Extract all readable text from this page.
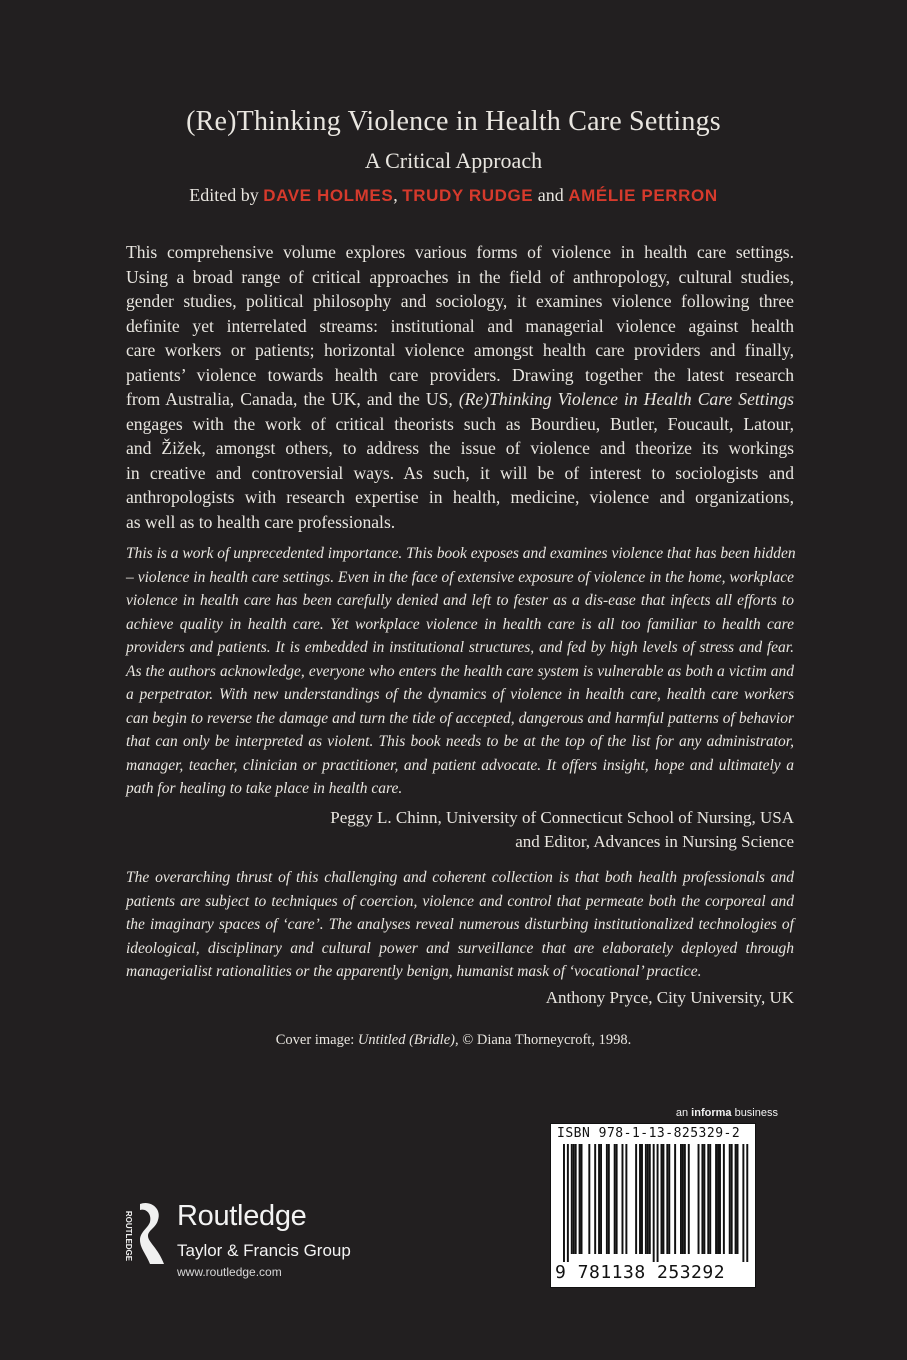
(Re)Thinking Violence in Health Care Settings
A Critical Approach
Edited by DAVE HOLMES, TRUDY RUDGE and AMÉLIE PERRON
This comprehensive volume explores various forms of violence in health care settings.
Using a broad range of critical approaches in the field of anthropology, cultural studies,
gender studies, political philosophy and sociology, it examines violence following three
definite yet interrelated streams: institutional and managerial violence against health
care workers or patients; horizontal violence amongst health care providers and finally,
patients’ violence towards health care providers. Drawing together the latest research
from Australia, Canada, the UK, and the US, (Re)Thinking Violence in Health Care Settings
engages with the work of critical theorists such as Bourdieu, Butler, Foucault, Latour,
and Žižek, amongst others, to address the issue of violence and theorize its workings
in creative and controversial ways. As such, it will be of interest to sociologists and
anthropologists with research expertise in health, medicine, violence and organizations,
as well as to health care professionals.
This is a work of unprecedented importance. This book exposes and examines violence that has been hidden
– violence in health care settings. Even in the face of extensive exposure of violence in the home, workplace
violence in health care has been carefully denied and left to fester as a dis-ease that infects all efforts to
achieve quality in health care. Yet workplace violence in health care is all too familiar to health care
providers and patients. It is embedded in institutional structures, and fed by high levels of stress and fear.
As the authors acknowledge, everyone who enters the health care system is vulnerable as both a victim and
a perpetrator. With new understandings of the dynamics of violence in health care, health care workers
can begin to reverse the damage and turn the tide of accepted, dangerous and harmful patterns of behavior
that can only be interpreted as violent. This book needs to be at the top of the list for any administrator,
manager, teacher, clinician or practitioner, and patient advocate. It offers insight, hope and ultimately a
path for healing to take place in health care.
Peggy L. Chinn, University of Connecticut School of Nursing, USA
and Editor, Advances in Nursing Science
The overarching thrust of this challenging and coherent collection is that both health professionals and
patients are subject to techniques of coercion, violence and control that permeate both the corporeal and
the imaginary spaces of ‘care’. The analyses reveal numerous disturbing institutionalized technologies of
ideological, disciplinary and cultural power and surveillance that are elaborately deployed through
managerialist rationalities or the apparently benign, humanist mask of ‘vocational’ practice.
Anthony Pryce, City University, UK
Cover image: Untitled (Bridle), © Diana Thorneycroft, 1998.
an informa business
ISBN 978-1-13-825329-2
9 781138 253292
ROUTLEDGE Routledge
Taylor & Francis Group
www.routledge.com
